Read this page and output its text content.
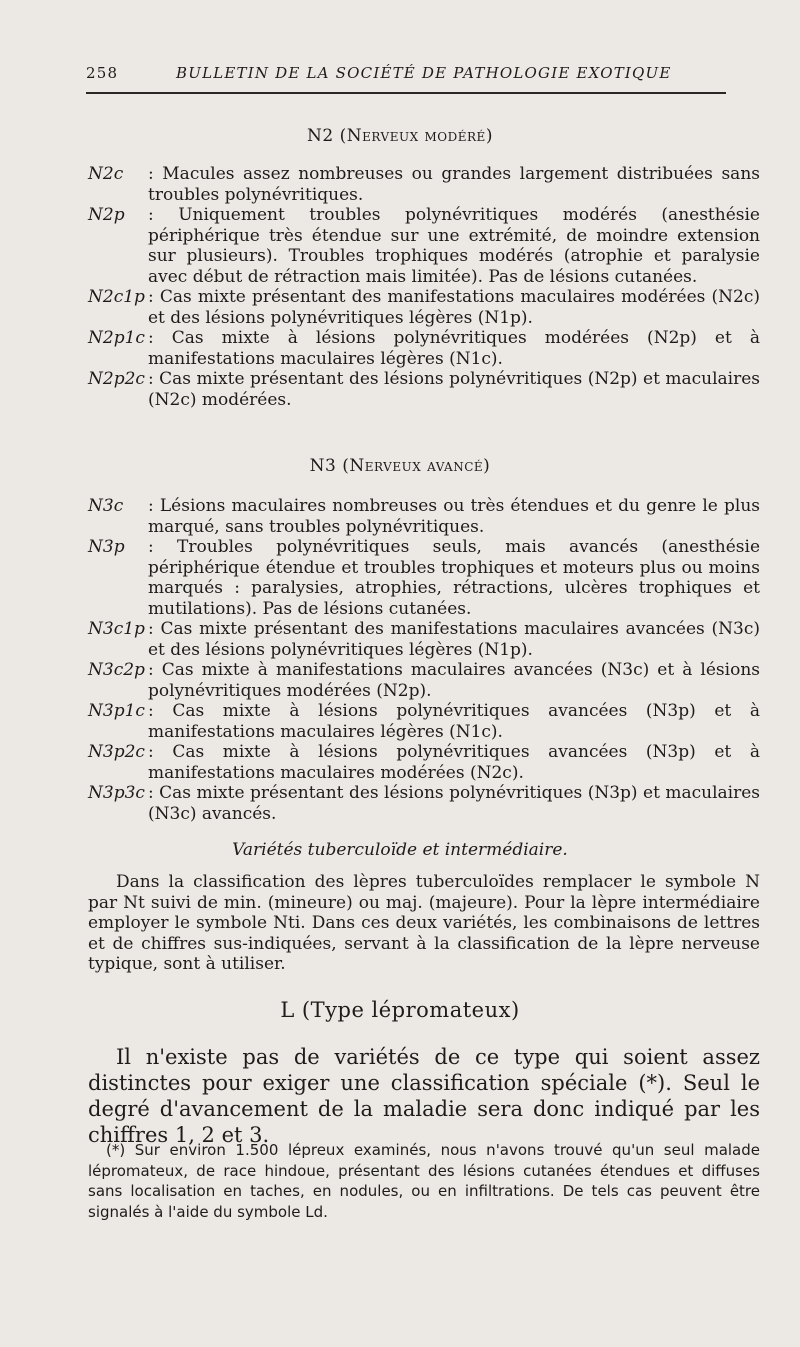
258	BULLETIN DE LA SOCIÉTÉ DE PATHOLOGIE EXOTIQUE
N2 (Nerveux modéré)
N2c : Macules assez nombreuses ou grandes largement distribuées sans troubles polynévritiques.
N2p : Uniquement troubles polynévritiques modérés (anesthésie périphérique très étendue sur une extrémité, de moindre extension sur plusieurs). Troubles trophiques modérés (atrophie et paralysie avec début de rétraction mais limitée). Pas de lésions cutanées.
N2c1p : Cas mixte présentant des manifestations maculaires modérées (N2c) et des lésions polynévritiques légères (N1p).
N2p1c : Cas mixte à lésions polynévritiques modérées (N2p) et à manifestations maculaires légères (N1c).
N2p2c : Cas mixte présentant des lésions polynévritiques (N2p) et maculaires (N2c) modérées.
N3 (Nerveux avancé)
N3c : Lésions maculaires nombreuses ou très étendues et du genre le plus marqué, sans troubles polynévritiques.
N3p : Troubles polynévritiques seuls, mais avancés (anesthésie périphérique étendue et troubles trophiques et moteurs plus ou moins marqués : paralysies, atrophies, rétractions, ulcères trophiques et mutilations). Pas de lésions cutanées.
N3c1p : Cas mixte présentant des manifestations maculaires avancées (N3c) et des lésions polynévritiques légères (N1p).
N3c2p : Cas mixte à manifestations maculaires avancées (N3c) et à lésions polynévritiques modérées (N2p).
N3p1c : Cas mixte à lésions polynévritiques avancées (N3p) et à manifestations maculaires légères (N1c).
N3p2c : Cas mixte à lésions polynévritiques avancées (N3p) et à manifestations maculaires modérées (N2c).
N3p3c : Cas mixte présentant des lésions polynévritiques (N3p) et maculaires (N3c) avancés.
Variétés tuberculoïde et intermédiaire.
Dans la classification des lèpres tuberculoïdes remplacer le symbole N par Nt suivi de min. (mineure) ou maj. (majeure). Pour la lèpre intermédiaire employer le symbole Nti. Dans ces deux variétés, les combinaisons de lettres et de chiffres sus-indiquées, servant à la classification de la lèpre nerveuse typique, sont à utiliser.
L (Type lépromateux)
Il n'existe pas de variétés de ce type qui soient assez distinctes pour exiger une classification spéciale (*). Seul le degré d'avancement de la maladie sera donc indiqué par les chiffres 1, 2 et 3.
(*) Sur environ 1.500 lépreux examinés, nous n'avons trouvé qu'un seul malade lépromateux, de race hindoue, présentant des lésions cutanées étendues et diffuses sans localisation en taches, en nodules, ou en infiltrations. De tels cas peuvent être signalés à l'aide du symbole Ld.
